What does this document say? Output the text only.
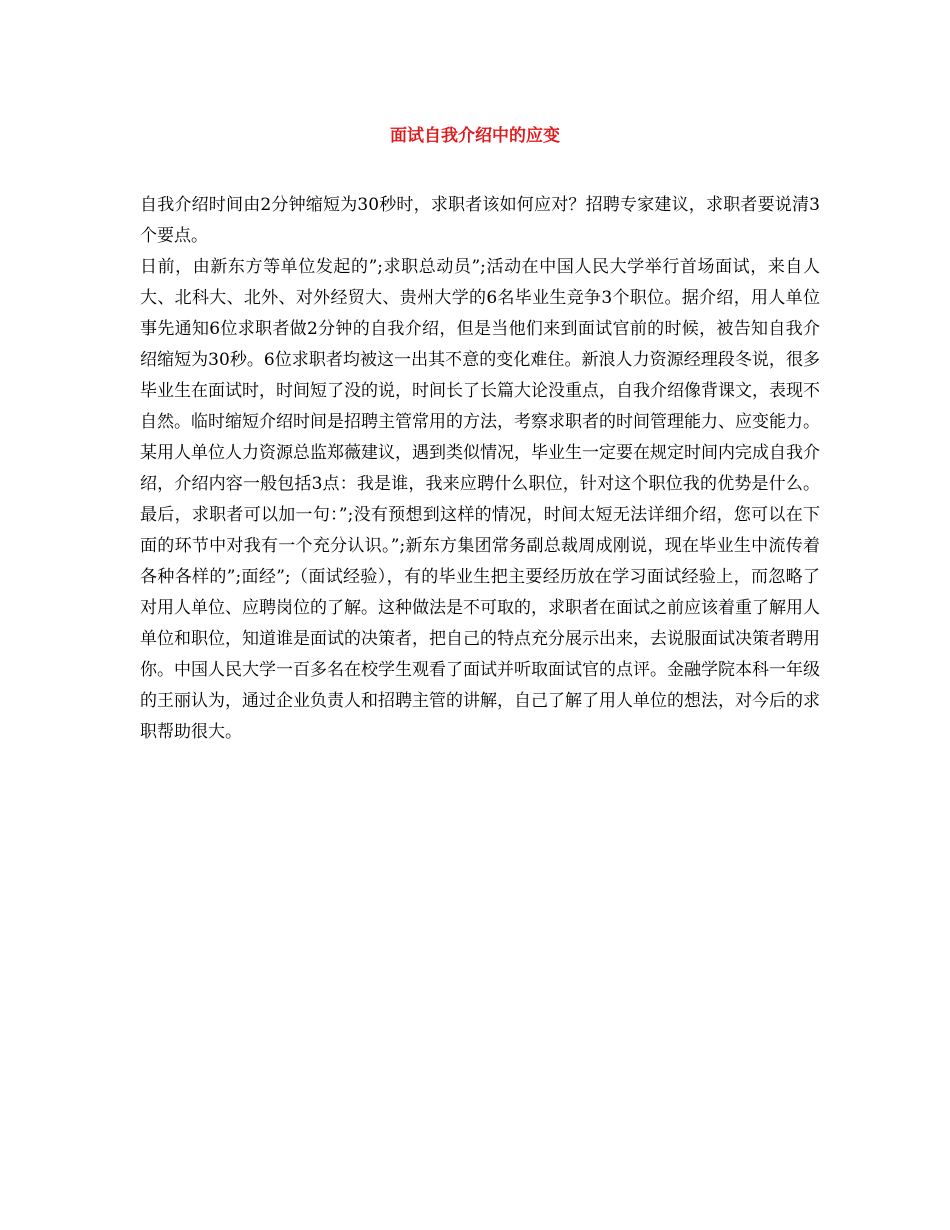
面试自我介绍中的应变

自我介绍时间由2分钟缩短为30秒时，求职者该如何应对？招聘专家建议，求职者要说清3个要点。

日前，由新东方等单位发起的”;求职总动员”;活动在中国人民大学举行首场面试，来自人大、北科大、北外、对外经贸大、贵州大学的6名毕业生竞争3个职位。据介绍，用人单位事先通知6位求职者做2分钟的自我介绍，但是当他们来到面试官前的时候，被告知自我介绍缩短为30秒。6位求职者均被这一出其不意的变化难住。新浪人力资源经理段冬说，很多毕业生在面试时，时间短了没的说，时间长了长篇大论没重点，自我介绍像背课文，表现不自然。临时缩短介绍时间是招聘主管常用的方法，考察求职者的时间管理能力、应变能力。某用人单位人力资源总监郑薇建议，遇到类似情况，毕业生一定要在规定时间内完成自我介绍，介绍内容一般包括3点：我是谁，我来应聘什么职位，针对这个职位我的优势是什么。最后，求职者可以加一句：”;没有预想到这样的情况，时间太短无法详细介绍，您可以在下面的环节中对我有一个充分认识。”;新东方集团常务副总裁周成刚说，现在毕业生中流传着各种各样的”;面经”;（面试经验），有的毕业生把主要经历放在学习面试经验上，而忽略了对用人单位、应聘岗位的了解。这种做法是不可取的，求职者在面试之前应该着重了解用人单位和职位，知道谁是面试的决策者，把自己的特点充分展示出来，去说服面试决策者聘用你。中国人民大学一百多名在校学生观看了面试并听取面试官的点评。金融学院本科一年级的王丽认为，通过企业负责人和招聘主管的讲解，自己了解了用人单位的想法，对今后的求职帮助很大。
